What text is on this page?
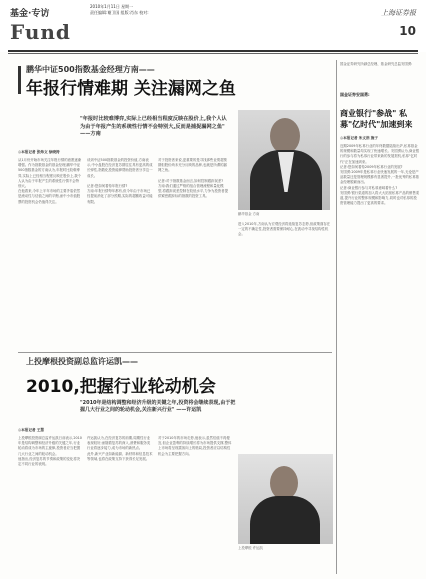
基金·专访
Fund
2010年1月11日 星期一
责任编辑:谢卫国 组版:肖东 校对:	上海证券报
10
鹏华中证500指数基金经理方南——
年报行情难期 关注漏网之鱼
"年报时比较难博弈,实际上已经相当程度反映在股价上,我个人认为由于年报产生的系统性行情不会特别大,反而是捕捉漏网之鱼" ——方南
鹏华基金 方南
◎本报记者 张炜文 徐晓涛
从1月份开始市场关注年报行情的意愿逐渐增强。作为指数基金的基金经理,鹏华中证500指数基金的方南认为,年报时比较难博弈,实际上已经相当程度反映在股价上,我个人认为由于年报产生的系统性行情不会特别大。
在他看来,今年上半年市场的主要矛盾依然是流动性与估值之间的平衡,而中小市值股票的投资机会仍值得关注。
谈到中证500指数基金的投资价值,方南表示,中小盘股在经济复苏期往往具有更高的成长弹性,指数化投资能够帮助投资者分享这一成长。

记者:您如何看待年报行情?
方南:年报行情每年都有,但今年由于市场已经提前消化了部分预期,实际的超额收益可能有限。
对于投资者来说,更重要的是寻找那些业绩超预期但股价尚未充分反映的品种,也就是所谓的漏网之鱼。

记者:对于指数基金而言,如何控制跟踪误差?
方南:我们通过严格的组合管理流程和量化模型,将跟踪误差控制在较低水平,力争为投资者提供紧密跟踪标的指数的投资工具。
进入2010年,方南认为宏观经济将延续复苏态势,但政策面存在一定的不确定性,投资者需要保持耐心,在波动中寻找结构性机会。
上投摩根投资副总监许运凯——
2010,把握行业轮动机会
"2010年是结构调整和经济升级的关键之年,投资将会继续表现,由于把握几大行业之间的轮动机会,关注新兴行业" ——许运凯
◎本报记者 王慧
上投摩根投资副总监许运凯日前表示,2010年是结构调整和经济升级的关键之年,行业轮动将成为市场的主旋律,投资者应当把握几大行业之间的轮动机会。
他指出,经济复苏的节奏和政策的变化将决定不同行业的表现。
许运凯认为,在经济复苏的前期,周期性行业表现较好;而随着复苏的深入,消费和服务类行业将逐步接力,成为市场的新热点。
此外,新兴产业如新能源、新材料和信息技术等领域,也将在政策支持下获得长足发展。
对于2010年的市场走势,他表示,虽然估值不再便宜,但企业盈利的持续增长将为市场提供支撑,整体上市场将呈现震荡向上的格局,投资者应以结构性机会为主要把握方向。
上投摩根 许运凯
国金证券研究所副总经理、基金研究总监安国勇:
国金证券安国勇:
商业银行"参战" 私募"亿时代"加速到来
◎本报记者 朱文浩 施于
近期2009年私募行业的年终数据陆续出炉,私募基金的规模和数量均实现了快速增长。安国勇认为,商业银行的参与将为私募行业带来新的发展契机,私募"亿时代"正在加速到来。
记者:您如何看待2009年私募行业的发展?
安国勇:2009年是私募行业快速发展的一年,无论是产品数量还是管理规模都有显著提升,一批优秀的私募基金经理脱颖而出。
记者:商业银行参与对私募意味着什么?
安国勇:银行渠道的加入将大大拓宽私募产品的销售渠道,提升行业的整体规模和影响力,同时也对私募的投资管理能力提出了更高的要求。
